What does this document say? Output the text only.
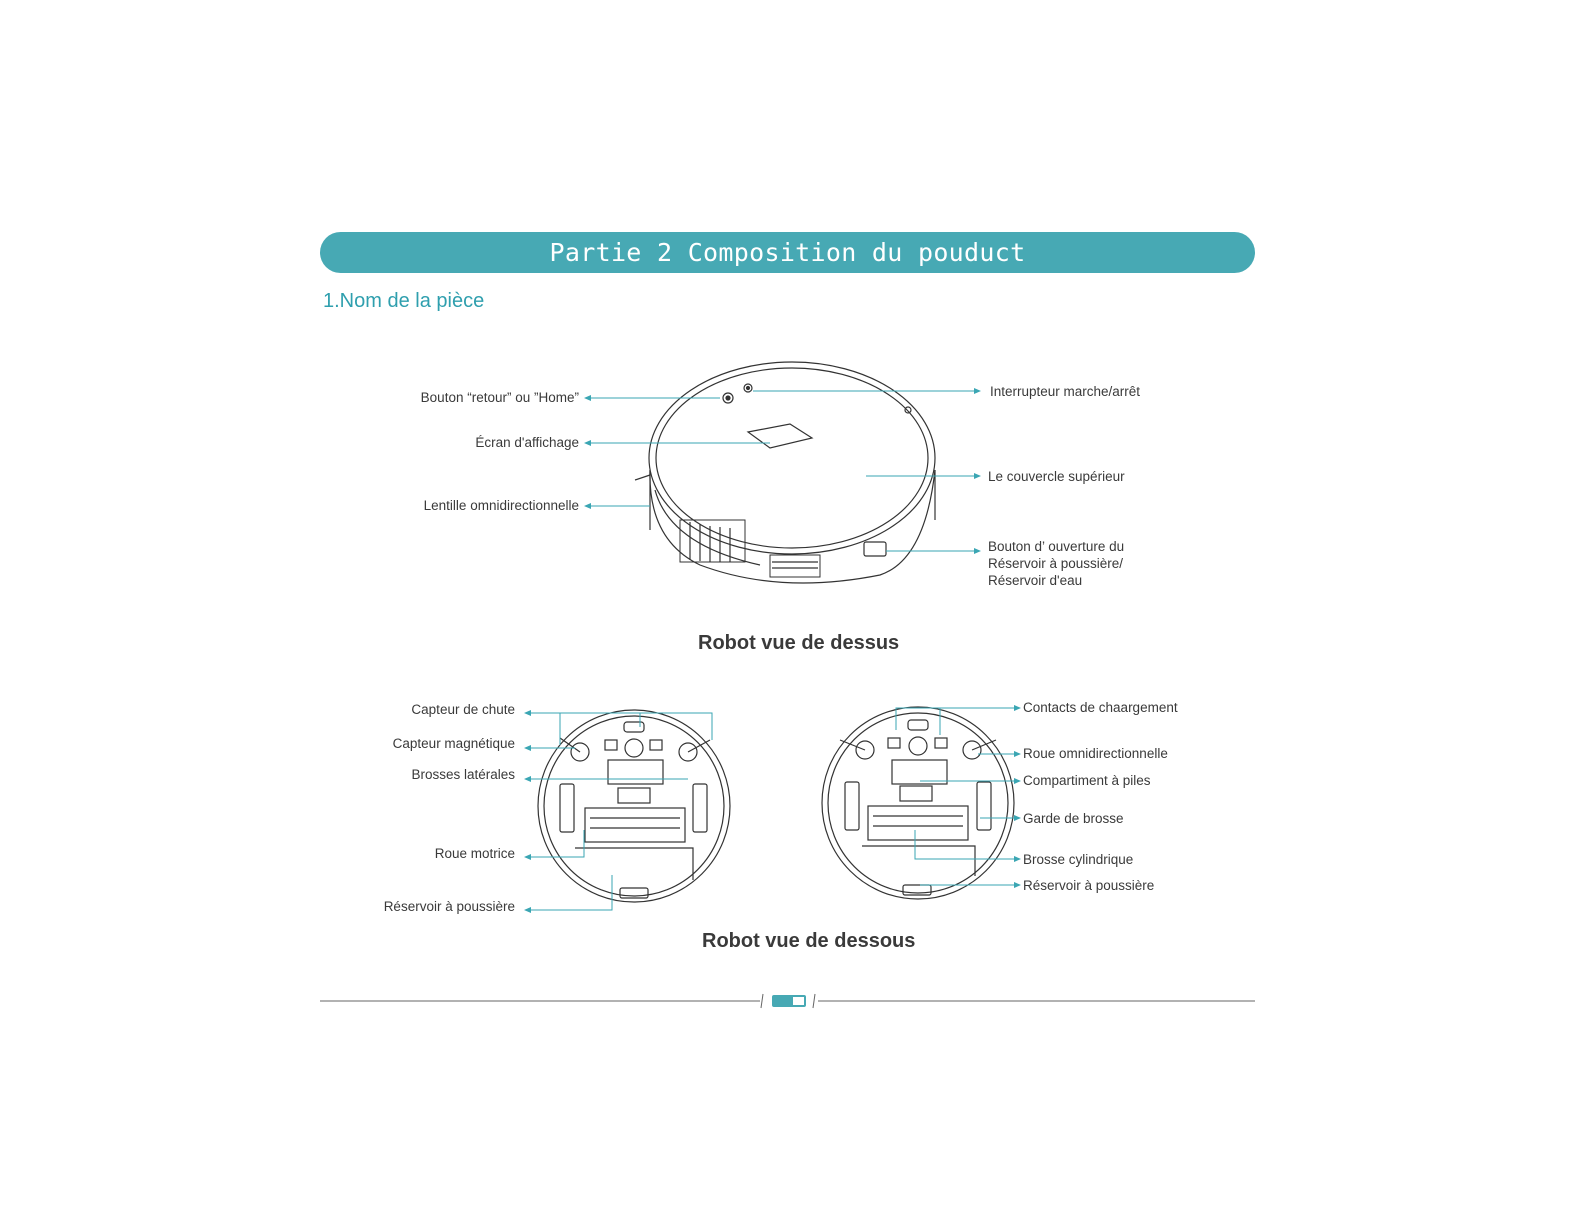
Partie 2 Composition du pouduct
1.Nom de la pièce
Bouton “retour” ou ”Home”
Écran d'affichage
Lentille omnidirectionnelle
Interrupteur marche/arrêt
Le couvercle supérieur
Bouton d’ ouverture du
Réservoir à poussière/
Réservoir d'eau
Robot vue de dessus
Capteur de chute
Capteur magnétique
Brosses latérales
Roue motrice
Réservoir à poussière
Contacts de chaargement
Roue omnidirectionnelle
Compartiment à piles
Garde de brosse
Brosse cylindrique
Réservoir à poussière
Robot vue de dessous
